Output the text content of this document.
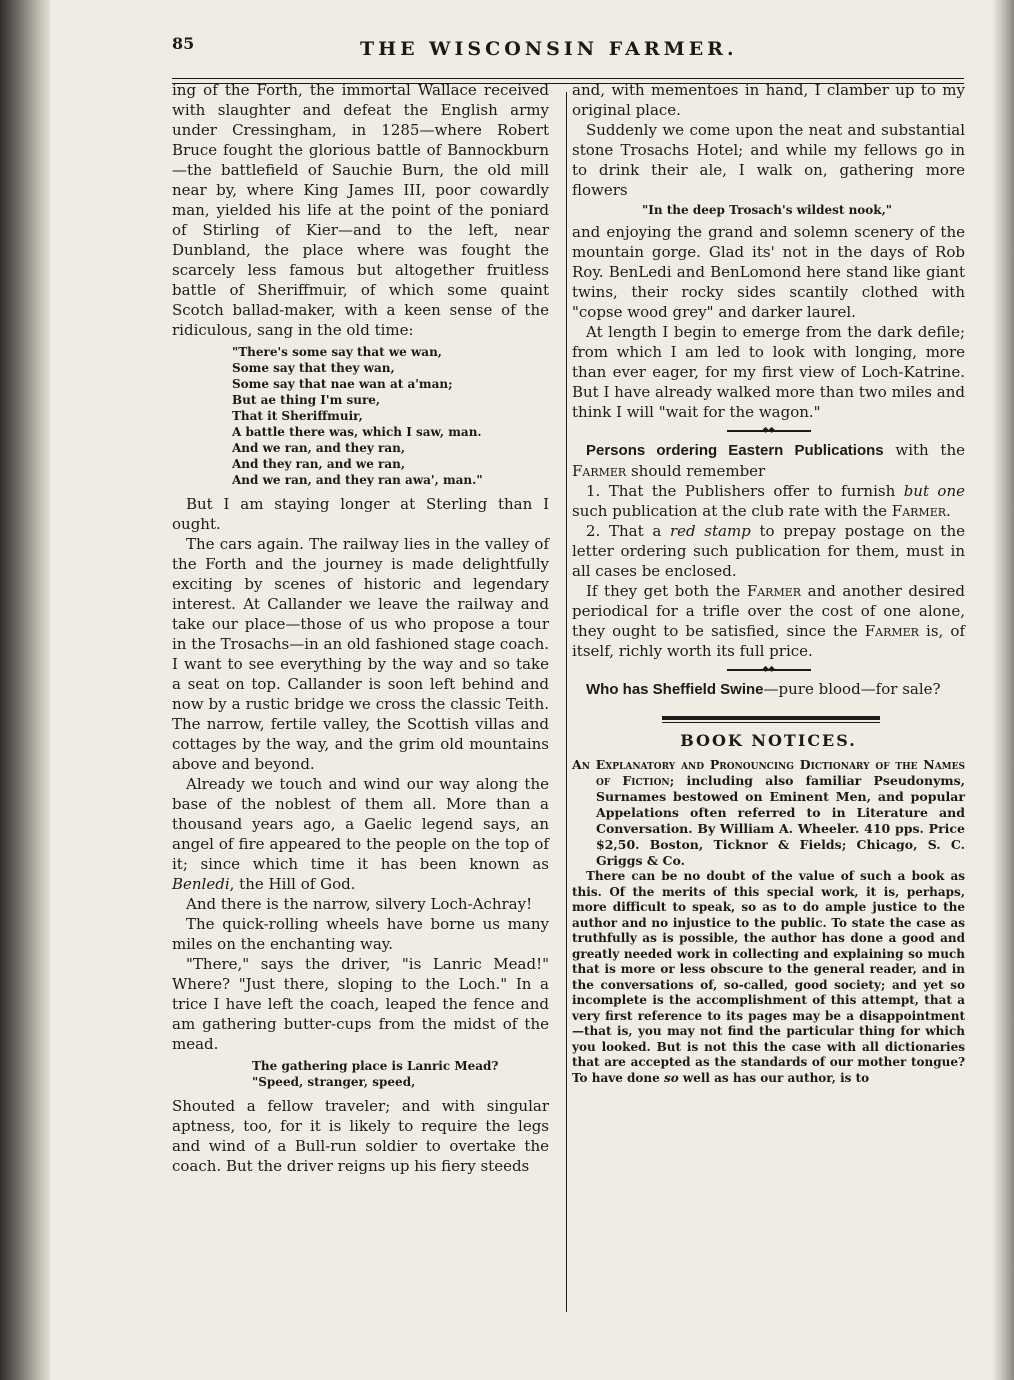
85	THE WISCONSIN FARMER.

ing of the Forth, the immortal Wallace received with slaughter and defeat the English army under Cressingham, in 1285—where Robert Bruce fought the glorious battle of Bannockburn—the battlefield of Sauchie Burn, the old mill near by, where King James III, poor cowardly man, yielded his life at the point of the poniard of Stirling of Kier—and to the left, near Dunbland, the place where was fought the scarcely less famous but altogether fruitless battle of Sheriffmuir, of which some quaint Scotch ballad-maker, with a keen sense of the ridiculous, sang in the old time:

"There's some say that we wan,
Some say that they wan,
Some say that nae wan at a'man;
But ae thing I'm sure,
That it Sheriffmuir,
A battle there was, which I saw, man.
And we ran, and they ran,
And they ran, and we ran,
And we ran, and they ran awa', man."

But I am staying longer at Sterling than I ought.

The cars again. The railway lies in the valley of the Forth and the journey is made delightfully exciting by scenes of historic and legendary interest. At Callander we leave the railway and take our place—those of us who propose a tour in the Trosachs—in an old fashioned stage coach. I want to see everything by the way and so take a seat on top. Callander is soon left behind and now by a rustic bridge we cross the classic Teith. The narrow, fertile valley, the Scottish villas and cottages by the way, and the grim old mountains above and beyond.

Already we touch and wind our way along the base of the noblest of them all. More than a thousand years ago, a Gaelic legend says, an angel of fire appeared to the people on the top of it; since which time it has been known as Benledi, the Hill of God.

And there is the narrow, silvery Loch-Achray!

The quick-rolling wheels have borne us many miles on the enchanting way.

"There," says the driver, "is Lanric Mead!" Where? "Just there, sloping to the Loch." In a trice I have left the coach, leaped the fence and am gathering butter-cups from the midst of the mead.

The gathering place is Lanric Mead?
"Speed, stranger, speed,

Shouted a fellow traveler; and with singular aptness, too, for it is likely to require the legs and wind of a Bull-run soldier to overtake the coach. But the driver reigns up his fiery steeds

and, with mementoes in hand, I clamber up to my original place.

Suddenly we come upon the neat and substantial stone Trosachs Hotel; and while my fellows go in to drink their ale, I walk on, gathering more flowers

"In the deep Trosach's wildest nook,"

and enjoying the grand and solemn scenery of the mountain gorge. Glad its' not in the days of Rob Roy. BenLedi and BenLomond here stand like giant twins, their rocky sides scantily clothed with "copse wood grey" and darker laurel.

At length I begin to emerge from the dark defile; from which I am led to look with longing, more than ever eager, for my first view of Loch-Katrine. But I have already walked more than two miles and think I will "wait for the wagon."

◆◆

Persons ordering Eastern Publications with the Farmer should remember

1. That the Publishers offer to furnish but one such publication at the club rate with the Farmer.

2. That a red stamp to prepay postage on the letter ordering such publication for them, must in all cases be enclosed.

If they get both the Farmer and another desired periodical for a trifle over the cost of one alone, they ought to be satisfied, since the Farmer is, of itself, richly worth its full price.

◆◆

Who has Sheffield Swine—pure blood—for sale?

BOOK NOTICES.

An Explanatory and Pronouncing Dictionary of the Names of Fiction; including also familiar Pseudonyms, Surnames bestowed on Eminent Men, and popular Appelations often referred to in Literature and Conversation. By William A. Wheeler. 410 pps. Price $2,50. Boston, Ticknor & Fields; Chicago, S. C. Griggs & Co.

There can be no doubt of the value of such a book as this. Of the merits of this special work, it is, perhaps, more difficult to speak, so as to do ample justice to the author and no injustice to the public. To state the case as truthfully as is possible, the author has done a good and greatly needed work in collecting and explaining so much that is more or less obscure to the general reader, and in the conversations of, so-called, good society; and yet so incomplete is the accomplishment of this attempt, that a very first reference to its pages may be a disappointment—that is, you may not find the particular thing for which you looked. But is not this the case with all dictionaries that are accepted as the standards of our mother tongue? To have done so well as has our author, is to
